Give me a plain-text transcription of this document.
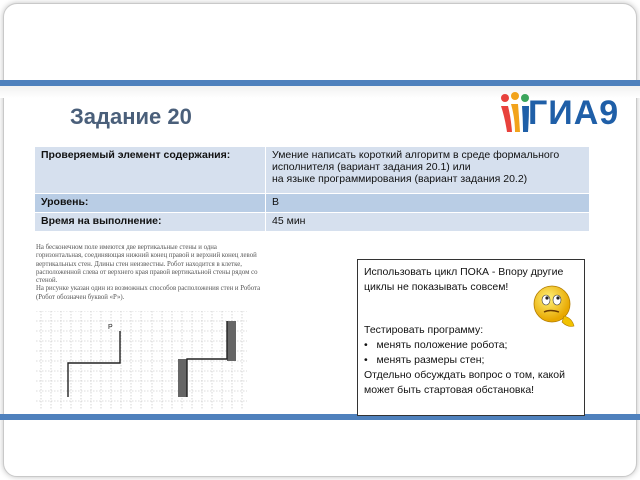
Задание 20	ГИА9
Проверяемый элемент содержания:	Умение написать короткий алгоритм в среде формального
исполнителя (вариант задания 20.1) или
на языке программирования (вариант задания 20.2)

Уровень:	В
Время на выполнение:	45 мин
На бесконечном поле имеются две вертикальные стены и одна
горизонтальная, соединяющая нижний конец правой и верхний конец левой
вертикальных стен. Длины стен неизвестны. Робот находится в клетке,
расположенной слева от верхнего края правой вертикальной стены рядом со
стеной.
На рисунке указан один из возможных способов расположения стен и Робота
(Робот обозначен буквой «Р»).
Р
Использовать цикл ПОКА - Впору другие
циклы не показывать совсем!
Тестировать программу:
•   менять положение робота;
•   менять размеры стен;
Отдельно обсуждать вопрос о том, какой
может быть стартовая обстановка!
